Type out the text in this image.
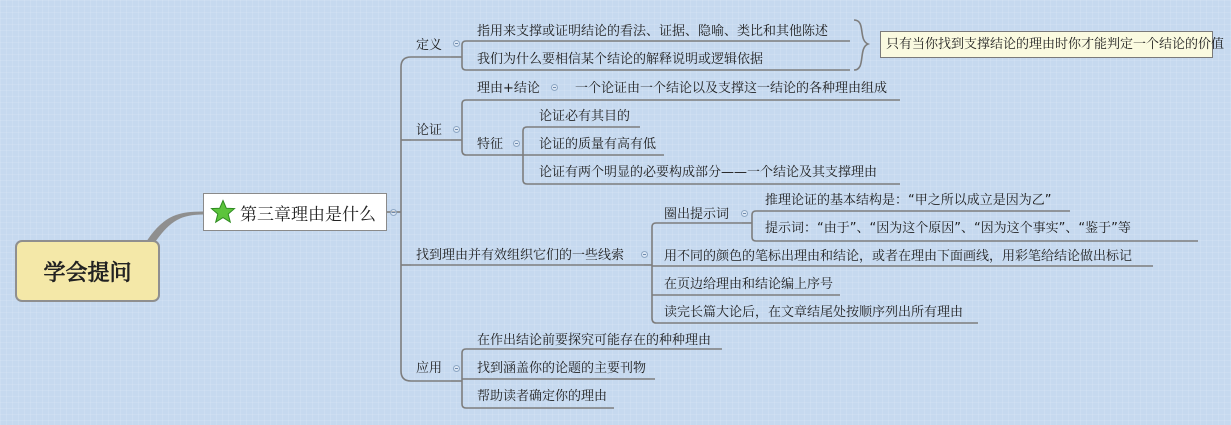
学会提问
第三章理由是什么
定义
指用来支撑或证明结论的看法、证据、隐喻、类比和其他陈述
我们为什么要相信某个结论的解释说明或逻辑依据
只有当你找到支撑结论的理由时你才能判定一个结论的价值
论证
理由+结论	一个论证由一个结论以及支撑这一结论的各种理由组成
特征
论证必有其目的
论证的质量有高有低
论证有两个明显的必要构成部分——一个结论及其支撑理由
找到理由并有效组织它们的一些线索
圈出提示词
推理论证的基本结构是：“甲之所以成立是因为乙”
提示词：“由于”、“因为这个原因”、“因为这个事实”、“鉴于”等
用不同的颜色的笔标出理由和结论，或者在理由下面画线，用彩笔给结论做出标记
在页边给理由和结论编上序号
读完长篇大论后，在文章结尾处按顺序列出所有理由
应用
在作出结论前要探究可能存在的种种理由
找到涵盖你的论题的主要刊物
帮助读者确定你的理由
